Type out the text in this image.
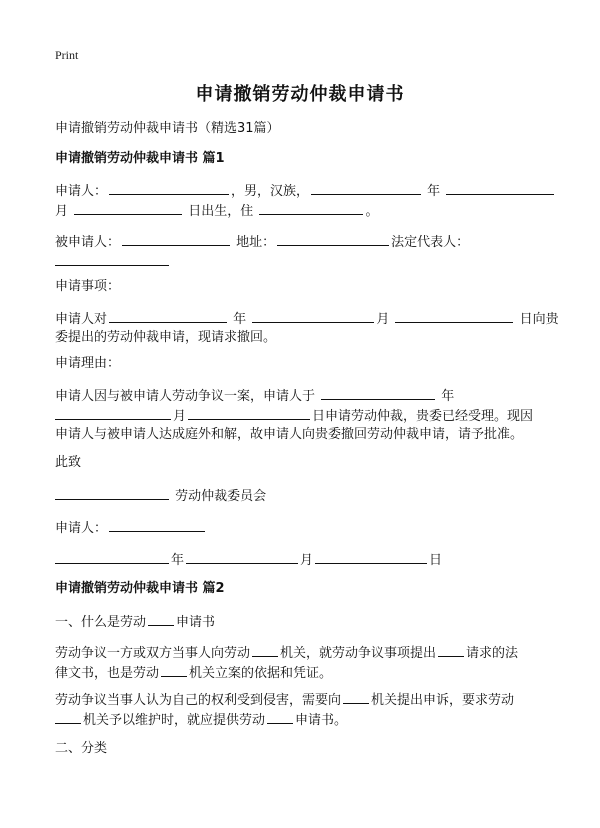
Print
申请撤销劳动仲裁申请书
申请撤销劳动仲裁申请书（精选31篇）
申请撤销劳动仲裁申请书 篇1
申请人：	，男，汉族，	年
月	日出生，住	。
被申请人：	地址：	法定代表人：
申请事项：
申请人对	年	月	日向贵
委提出的劳动仲裁申请，现请求撤回。
申请理由：
申请人因与被申请人劳动争议一案，申请人于	年
月	日申请劳动仲裁，贵委已经受理。现因
申请人与被申请人达成庭外和解，故申请人向贵委撤回劳动仲裁申请，请予批准。
此致
劳动仲裁委员会
申请人：
年	月	日
申请撤销劳动仲裁申请书 篇2
一、什么是劳动 申请书
劳动争议一方或双方当事人向劳动 机关，就劳动争议事项提出 请求的法
律文书，也是劳动 机关立案的依据和凭证。
劳动争议当事人认为自己的权利受到侵害，需要向 机关提出申诉，要求劳动
机关予以维护时，就应提供劳动 申请书。
二、分类
